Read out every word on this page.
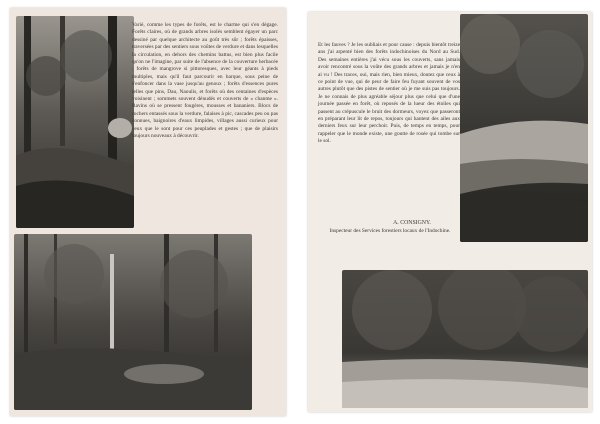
Varié, comme les types de forêts, est le charme qui s'en dégage. Forêts claires, où de grands arbres isolés semblent égayer un parc dessiné par quelque architecte au goût très sûr ; forêts épaisses, traversées par des sentiers sous voûtes de verdure et dans lesquelles la circulation, en dehors des chemins battus, est bien plus facile qu'on ne l'imagine, par suite de l'absence de la couverture herbacée ; forêts de mangrove si pittoresques, avec leur géants à pieds multiples, mais qu'il faut parcourir en barque, sous peine de s'enfoncer dans la vase jusqu'au genoux ; forêts d'essences pures telles que pins, Dau, Naoulis, et forêts où des centaines d'espèces voisinent ; sommets souvent dénudés et couverts de « chanme ». Ravins où se pressent fougères, mousses et bananiers. Blocs de rochers entassés sous la verdure, falaises à pic, cascades peu ou pas connues, baignoires d'eaux limpides, villages aussi curieux pour ceux que le sont pour ces peuplades et gestes ; que de plaisirs toujours nouveaux à découvrir.
Et les fauves ? Je les oubliais et pour cause : depuis bientôt treize ans j'ai arpenté bien des forêts indochinoises du Nord au Sud. Des semaines entières j'ai vécu sous les couverts, sans jamais avoir rencontré sous la voûte des grands arbres et jamais je n'en ai vu ! Des traces, oui, mais rien, bien mieux, doutez que ceux à ce point de vue, qui de peur de faire feu fuyant souvent de vos autres plutôt que des pistes de sentier où je me suis pas toujours. Je ne connais de plus agréable séjour plus que celui que d'une journée passée en forêt, où reposés de la lueur des étoiles qui passent au crépuscule le bruit des dormeurs, voyez que passeront en préparant leur lit de repos, toujours qui hantent des ailes aux derniers feux sur leur perchoir. Puis, de temps en temps, pour rappeler que le monde existe, une goutte de rosée qui tombe sur le sol.
A. CONSIGNY.
Inspecteur des Services forestiers locaux de l'Indochine.
